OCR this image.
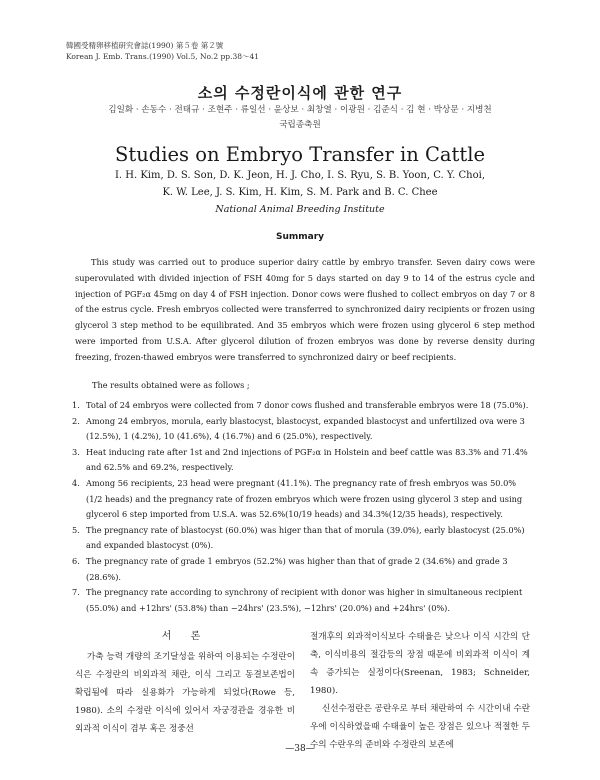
韓國受精卵移植研究會誌(1990) 第５卷 第２號
Korean J. Emb. Trans.(1990) Vol.5, No.2 pp.38～41
소의 수정란이식에 관한 연구
김일화 · 손동수 · 전태규 · 조현주 · 류일선 · 윤상보 · 최창열 · 이광원 · 김준식 · 김 현 · 박상문 · 지병천
국립종축원
Studies on Embryo Transfer in Cattle
I. H. Kim, D. S. Son, D. K. Jeon, H. J. Cho, I. S. Ryu, S. B. Yoon, C. Y. Choi,
K. W. Lee, J. S. Kim, H. Kim, S. M. Park and B. C. Chee
National Animal Breeding Institute
Summary

This study was carried out to produce superior dairy cattle by embryo transfer. Seven dairy cows were superovulated with divided injection of FSH 40mg for 5 days started on day 9 to 14 of the estrus cycle and injection of PGF₂α 45mg on day 4 of FSH injection. Donor cows were flushed to collect embryos on day 7 or 8 of the estrus cycle. Fresh embryos collected were transferred to synchronized dairy recipients or frozen using glycerol 3 step method to be equilibrated. And 35 embryos which were frozen using glycerol 6 step method were imported from U.S.A. After glycerol dilution of frozen embryos was done by reverse density during freezing, frozen-thawed embryos were transferred to synchronized dairy or beef recipients.

The results obtained were as follows ;
1. Total of 24 embryos were collected from 7 donor cows flushed and transferable embryos were 18 (75.0%).
2. Among 24 embryos, morula, early blastocyst, blastocyst, expanded blastocyst and unfertilized ova were 3 (12.5%), 1 (4.2%), 10 (41.6%), 4 (16.7%) and 6 (25.0%), respectively.
3. Heat inducing rate after 1st and 2nd injections of PGF₂α in Holstein and beef cattle was 83.3% and 71.4% and 62.5% and 69.2%, respectively.
4. Among 56 recipients, 23 head were pregnant (41.1%). The pregnancy rate of fresh embryos was 50.0% (1/2 heads) and the pregnancy rate of frozen embryos which were frozen using glycerol 3 step and using glycerol 6 step imported from U.S.A. was 52.6%(10/19 heads) and 34.3%(12/35 heads), respectively.
5. The pregnancy rate of blastocyst (60.0%) was higer than that of morula (39.0%), early blastocyst (25.0%) and expanded blastocyst (0%).
6. The pregnancy rate of grade 1 embryos (52.2%) was higher than that of grade 2 (34.6%) and grade 3 (28.6%).
7. The pregnancy rate according to synchrony of recipient with donor was higher in simultaneous recipient (55.0%) and +12hrs' (53.8%) than −24hrs' (23.5%), −12hrs' (20.0%) and +24hrs' (0%).
서 론

가축 능력 개량의 조기달성을 위하여 이용되는 수정란이식은 수정란의 비외과적 채란, 이식 그리고 동결보존법이 확립됨에 따라 실용화가 가능하게 되었다(Rowe 등, 1980). 소의 수정란 이식에 있어서 자궁경관을 경유한 비외과적 이식이 겸부 혹은 정중선

절개후의 외과적이식보다 수태율은 낮으나 이식 시간의 단축, 이식비용의 절감등의 장점 때문에 비외과적 이식이 계속 증가되는 실정이다(Sreenan, 1983; Schneider, 1980).

신선수정란은 공란우로 부터 채란하여 수 시간이내 수란우에 이식하였을때 수태율이 높은 장점은 있으나 적절한 두수의 수란우의 준비와 수정란의 보존에

—38—
